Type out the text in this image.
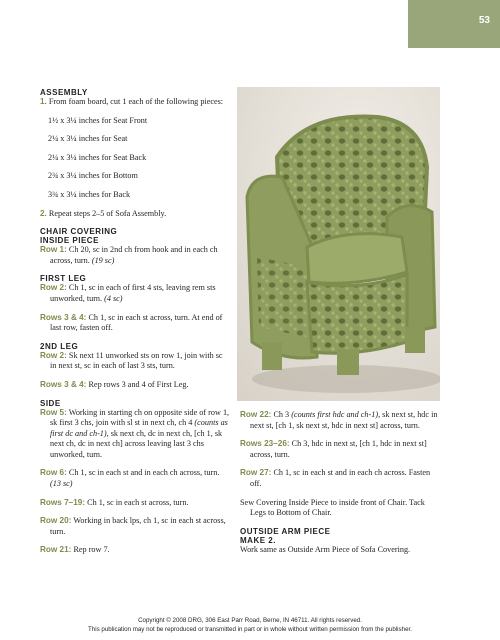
53
ASSEMBLY

1. From foam board, cut 1 each of the following pieces:

1½ x 3¼ inches for Seat Front

2¼ x 3¼ inches for Seat

2¼ x 3¼ inches for Seat Back

2¾ x 3¼ inches for Bottom

3¾ x 3¼ inches for Back

2. Repeat steps 2–5 of Sofa Assembly.

CHAIR COVERING
INSIDE PIECE

Row 1: Ch 20, sc in 2nd ch from hook and in each ch across, turn. (19 sc)

FIRST LEG

Row 2: Ch 1, sc in each of first 4 sts, leaving rem sts unworked, turn. (4 sc)

Rows 3 & 4: Ch 1, sc in each st across, turn. At end of last row, fasten off.

2ND LEG

Row 2: Sk next 11 unworked sts on row 1, join with sc in next st, sc in each of last 3 sts, turn.

Rows 3 & 4: Rep rows 3 and 4 of First Leg.

SIDE

Row 5: Working in starting ch on opposite side of row 1, sk first 3 chs, join with sl st in next ch, ch 4 (counts as first dc and ch-1), sk next ch, dc in next ch, [ch 1, sk next ch, dc in next ch] across leaving last 3 chs unworked, turn.

Row 6: Ch 1, sc in each st and in each ch across, turn. (13 sc)

Rows 7–19: Ch 1, sc in each st across, turn.

Row 20: Working in back lps, ch 1, sc in each st across, turn.

Row 21: Rep row 7.

Row 22: Ch 3 (counts first hdc and ch-1), sk next st, hdc in next st, [ch 1, sk next st, hdc in next st] across, turn.

Rows 23–26: Ch 3, hdc in next st, [ch 1, hdc in next st] across, turn.

Row 27: Ch 1, sc in each st and in each ch across. Fasten off.

Sew Covering Inside Piece to inside front of Chair. Tack Legs to Bottom of Chair.

OUTSIDE ARM PIECE
MAKE 2.

Work same as Outside Arm Piece of Sofa Covering.

Copyright © 2008 DRG, 306 East Parr Road, Berne, IN 46711. All rights reserved.
This publication may not be reproduced or transmitted in part or in whole without written permission from the publisher.
